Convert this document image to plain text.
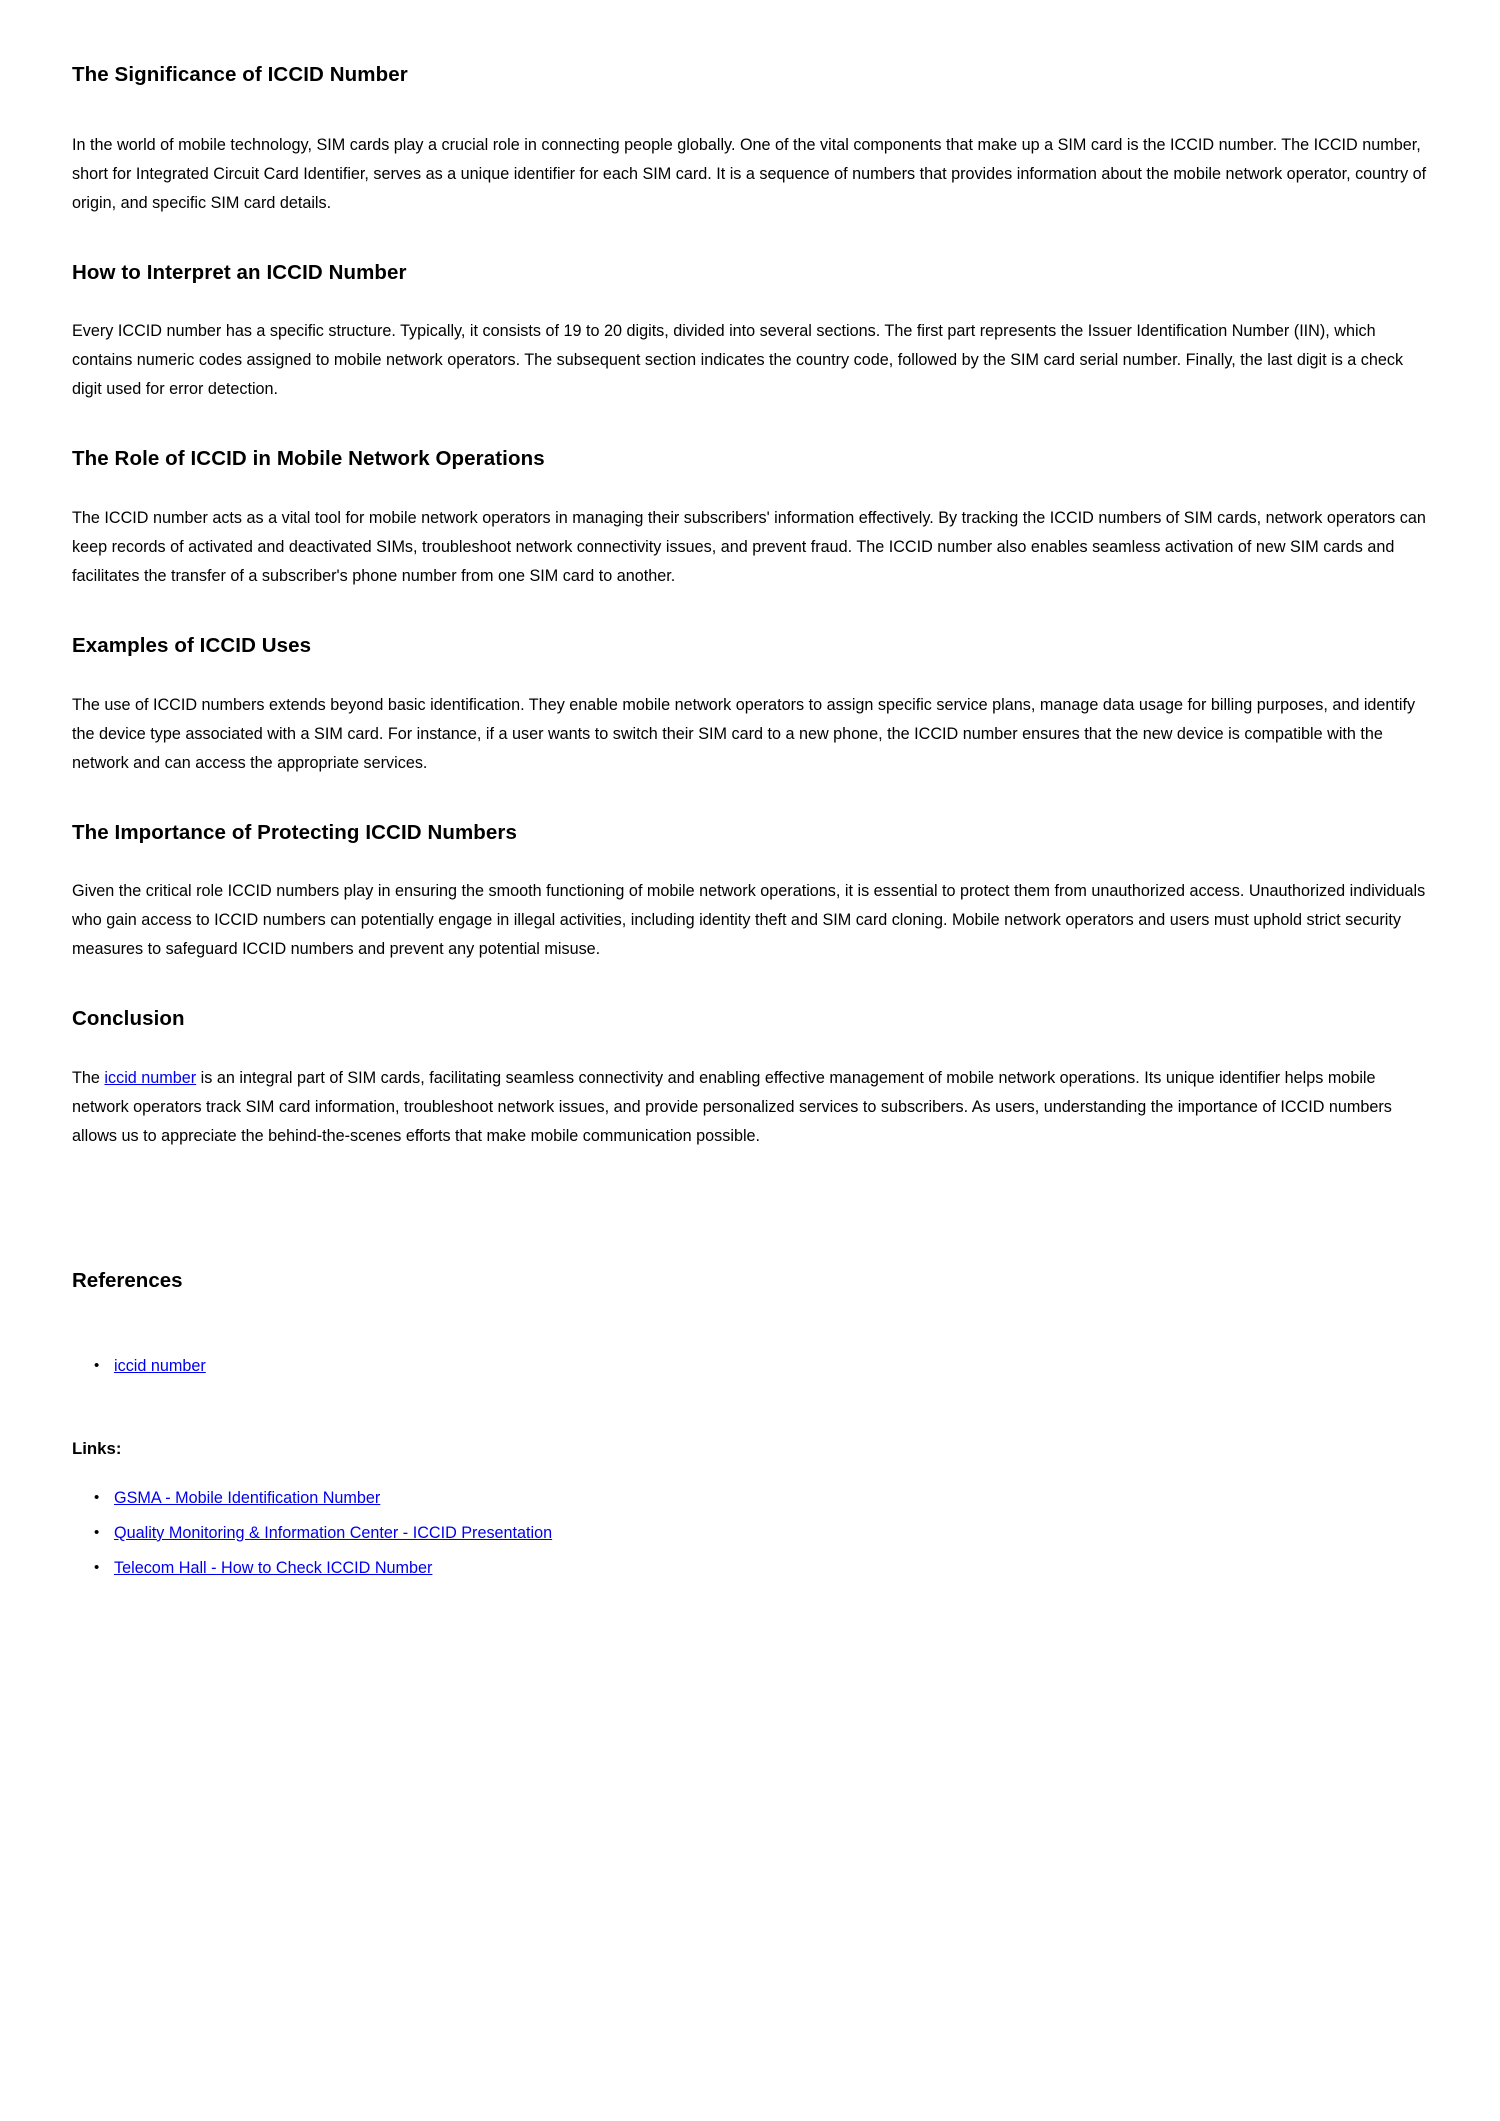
The Significance of ICCID Number

In the world of mobile technology, SIM cards play a crucial role in connecting people globally. One of the vital components that make up a SIM card is the ICCID number. The ICCID number, short for Integrated Circuit Card Identifier, serves as a unique identifier for each SIM card. It is a sequence of numbers that provides information about the mobile network operator, country of origin, and specific SIM card details.

How to Interpret an ICCID Number

Every ICCID number has a specific structure. Typically, it consists of 19 to 20 digits, divided into several sections. The first part represents the Issuer Identification Number (IIN), which contains numeric codes assigned to mobile network operators. The subsequent section indicates the country code, followed by the SIM card serial number. Finally, the last digit is a check digit used for error detection.

The Role of ICCID in Mobile Network Operations

The ICCID number acts as a vital tool for mobile network operators in managing their subscribers' information effectively. By tracking the ICCID numbers of SIM cards, network operators can keep records of activated and deactivated SIMs, troubleshoot network connectivity issues, and prevent fraud. The ICCID number also enables seamless activation of new SIM cards and facilitates the transfer of a subscriber's phone number from one SIM card to another.

Examples of ICCID Uses

The use of ICCID numbers extends beyond basic identification. They enable mobile network operators to assign specific service plans, manage data usage for billing purposes, and identify the device type associated with a SIM card. For instance, if a user wants to switch their SIM card to a new phone, the ICCID number ensures that the new device is compatible with the network and can access the appropriate services.

The Importance of Protecting ICCID Numbers

Given the critical role ICCID numbers play in ensuring the smooth functioning of mobile network operations, it is essential to protect them from unauthorized access. Unauthorized individuals who gain access to ICCID numbers can potentially engage in illegal activities, including identity theft and SIM card cloning. Mobile network operators and users must uphold strict security measures to safeguard ICCID numbers and prevent any potential misuse.

Conclusion

The iccid number is an integral part of SIM cards, facilitating seamless connectivity and enabling effective management of mobile network operations. Its unique identifier helps mobile network operators track SIM card information, troubleshoot network issues, and provide personalized services to subscribers. As users, understanding the importance of ICCID numbers allows us to appreciate the behind-the-scenes efforts that make mobile communication possible.

References
• iccid number
Links:
• GSMA - Mobile Identification Number
• Quality Monitoring & Information Center - ICCID Presentation
• Telecom Hall - How to Check ICCID Number
